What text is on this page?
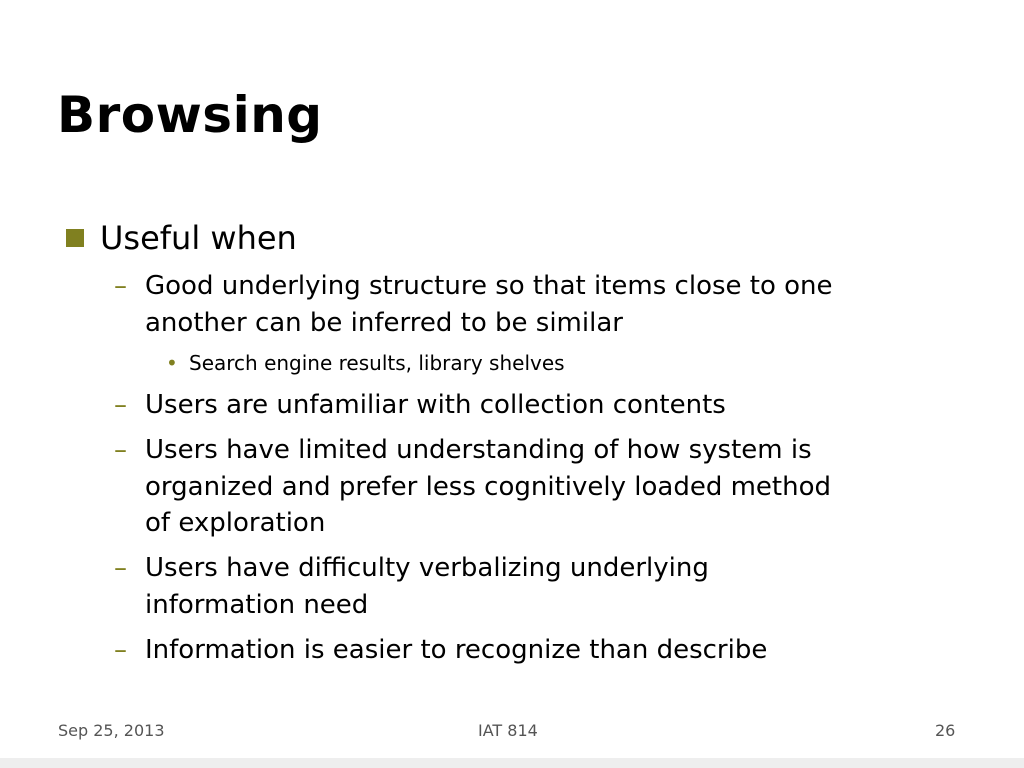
Browsing
Useful when
– Good underlying structure so that items close to one
another can be inferred to be similar
• Search engine results, library shelves
– Users are unfamiliar with collection contents
– Users have limited understanding of how system is
organized and prefer less cognitively loaded method
of exploration
– Users have difficulty verbalizing underlying
information need
– Information is easier to recognize than describe
Sep 25, 2013	IAT 814	26
